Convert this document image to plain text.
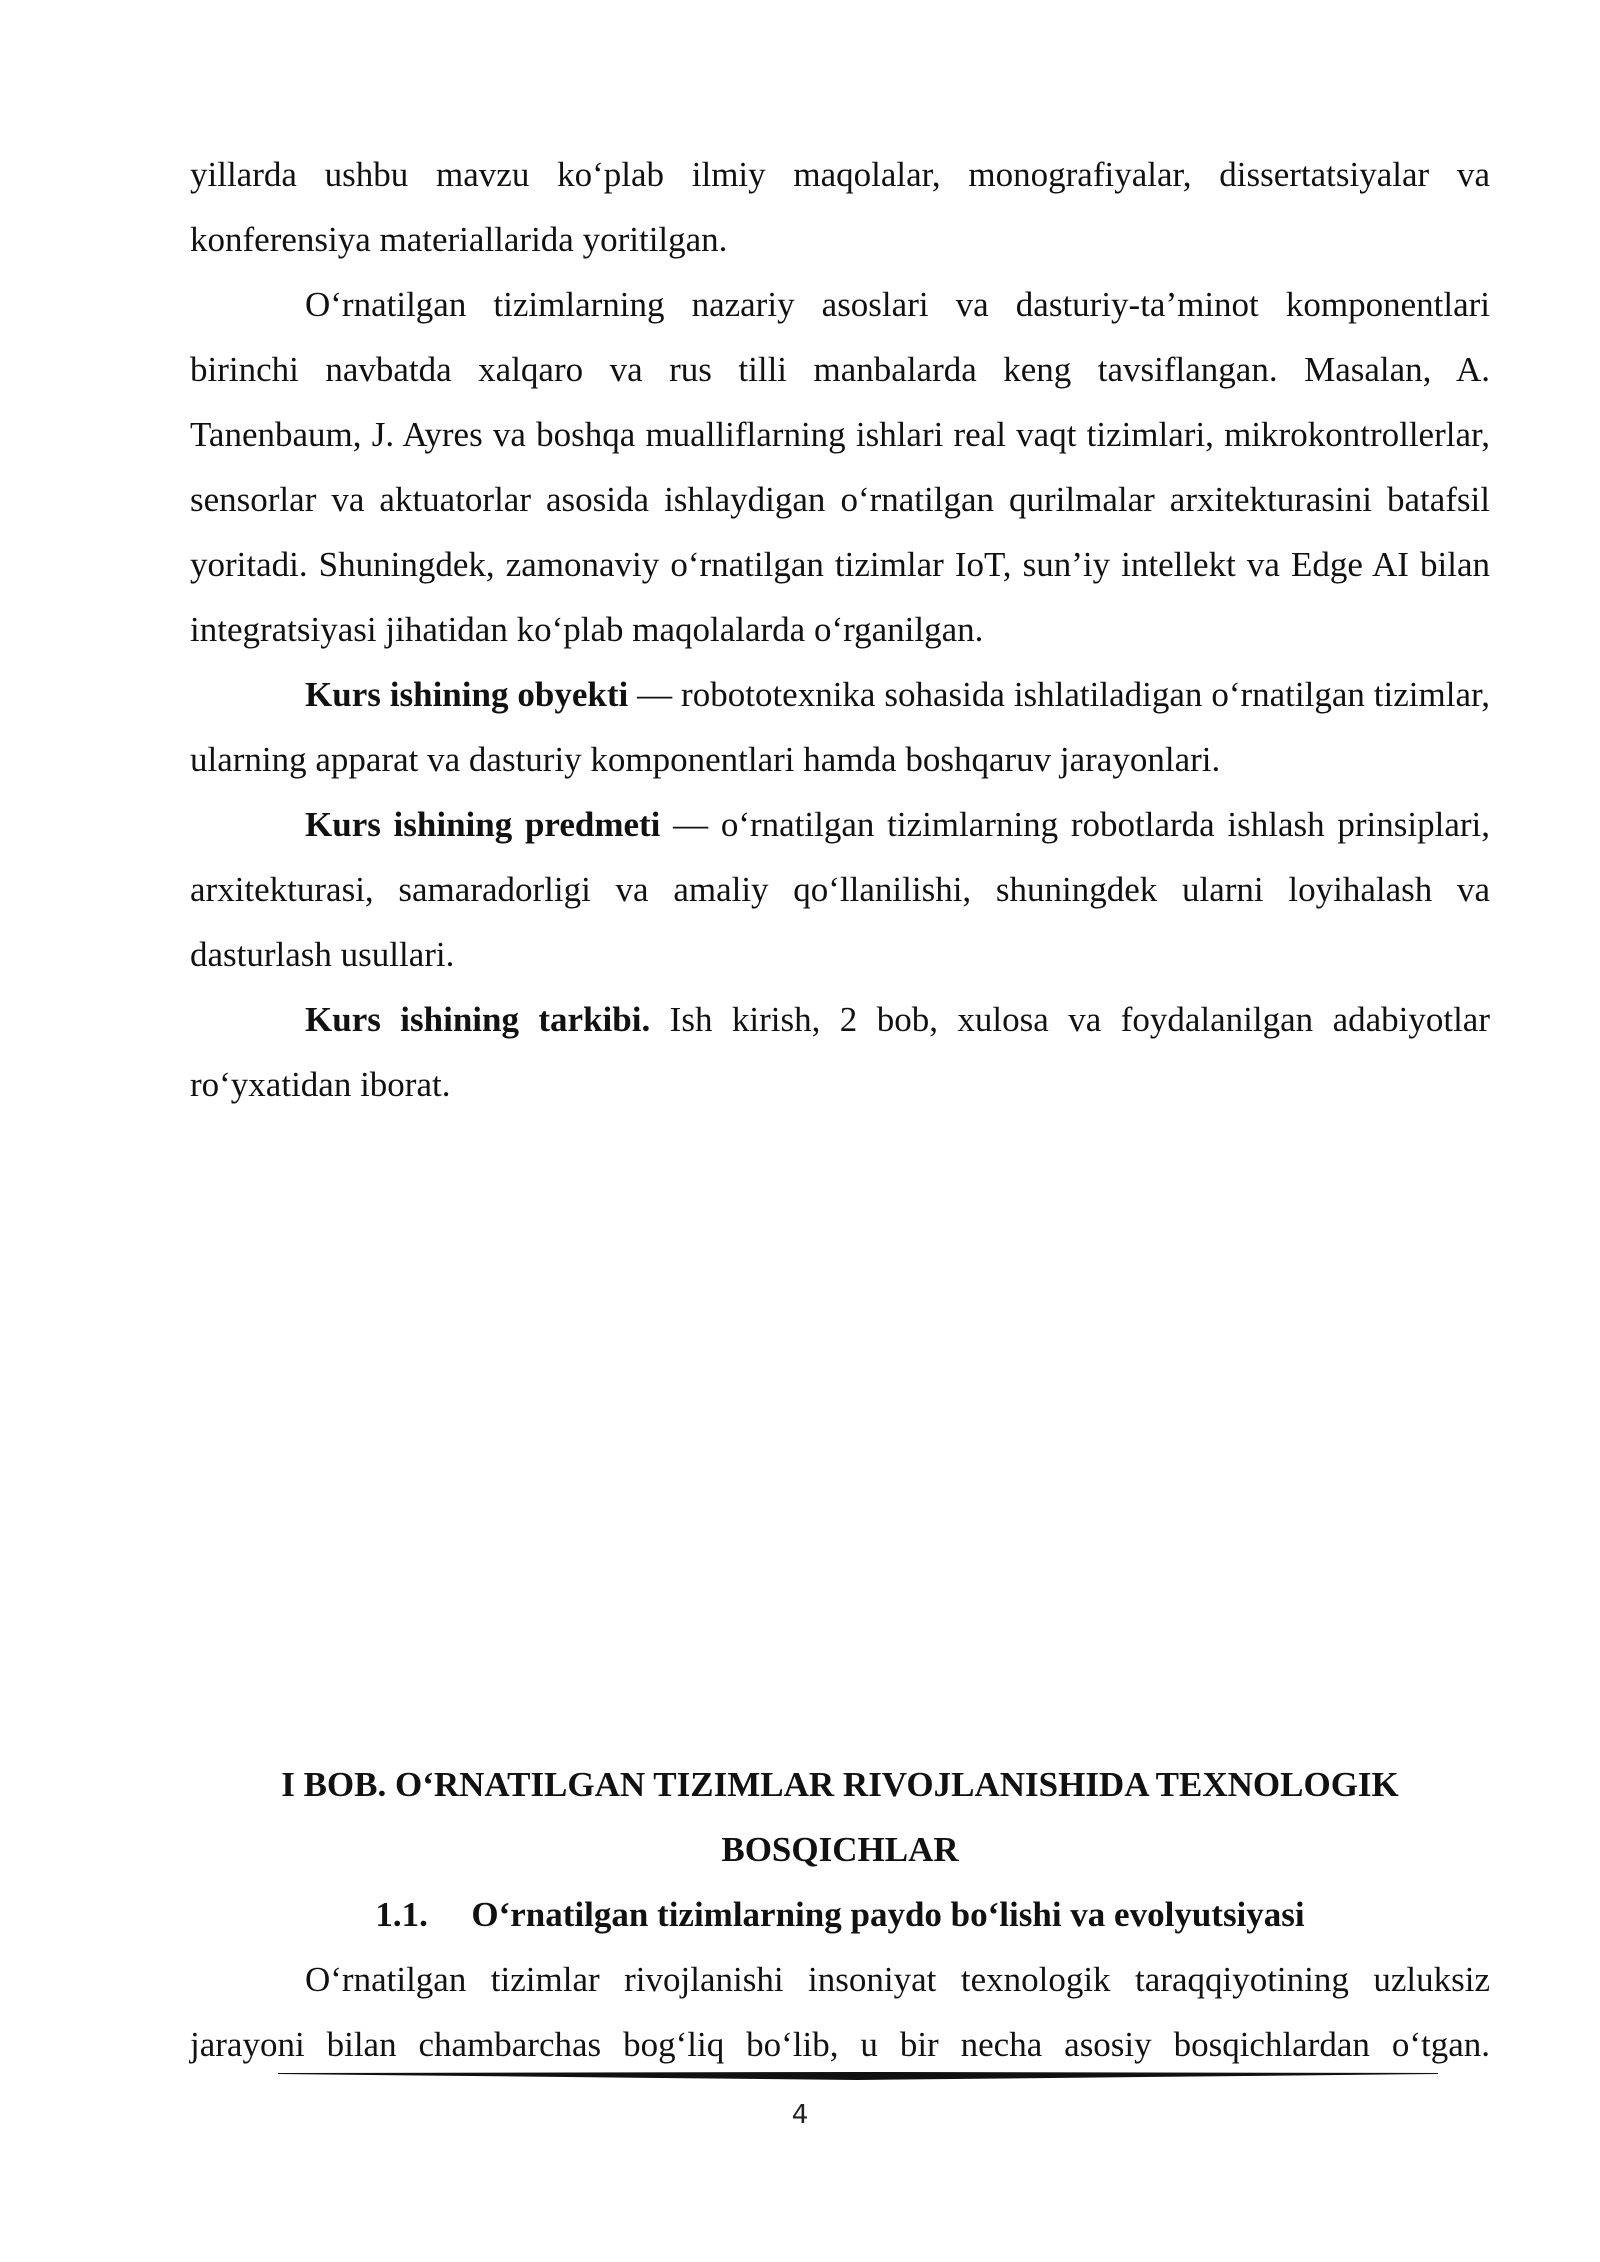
yillarda ushbu mavzu ko‘plab ilmiy maqolalar, monografiyalar, dissertatsiyalar va konferensiya materiallarida yoritilgan.

O‘rnatilgan tizimlarning nazariy asoslari va dasturiy-ta’minot komponentlari birinchi navbatda xalqaro va rus tilli manbalarda keng tavsiflangan. Masalan, A. Tanenbaum, J. Ayres va boshqa mualliflarning ishlari real vaqt tizimlari, mikrokontrollerlar, sensorlar va aktuatorlar asosida ishlaydigan o‘rnatilgan qurilmalar arxitekturasini batafsil yoritadi. Shuningdek, zamonaviy o‘rnatilgan tizimlar IoT, sun’iy intellekt va Edge AI bilan integratsiyasi jihatidan ko‘plab maqolalarda o‘rganilgan.

Kurs ishining obyekti — robototexnika sohasida ishlatiladigan o‘rnatilgan tizimlar, ularning apparat va dasturiy komponentlari hamda boshqaruv jarayonlari.

Kurs ishining predmeti — o‘rnatilgan tizimlarning robotlarda ishlash prinsiplari, arxitekturasi, samaradorligi va amaliy qo‘llanilishi, shuningdek ularni loyihalash va dasturlash usullari.

Kurs ishining tarkibi. Ish kirish, 2 bob, xulosa va foydalanilgan adabiyotlar ro‘yxatidan iborat.

I BOB. O‘RNATILGAN TIZIMLAR RIVOJLANISHIDA TEXNOLOGIK BOSQICHLAR
1.1. O‘rnatilgan tizimlarning paydo bo‘lishi va evolyutsiyasi

O‘rnatilgan tizimlar rivojlanishi insoniyat texnologik taraqqiyotining uzluksiz jarayoni bilan chambarchas bog‘liq bo‘lib, u bir necha asosiy bosqichlardan o‘tgan.

4
